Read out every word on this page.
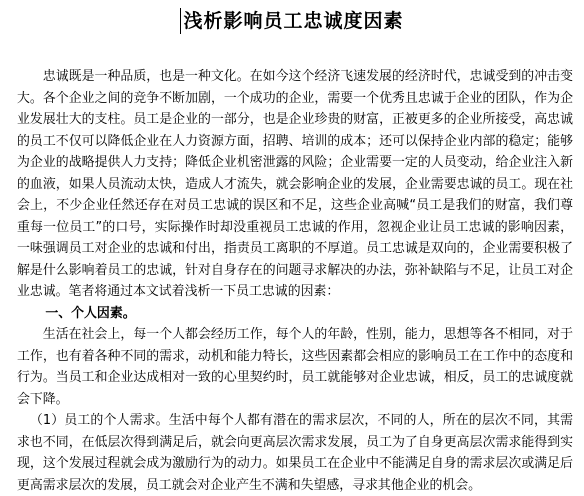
浅析影响员工忠诚度因素

忠诚既是一种品质，也是一种文化。在如今这个经济飞速发展的经济时代，忠诚受到的冲击变大。各个企业之间的竞争不断加剧，一个成功的企业，需要一个优秀且忠诚于企业的团队，作为企业发展壮大的支柱。员工是企业的一部分，也是企业珍贵的财富，正被更多的企业所接受，高忠诚的员工不仅可以降低企业在人力资源方面，招聘、培训的成本；还可以保持企业内部的稳定；能够为企业的战略提供人力支持；降低企业机密泄露的风险；企业需要一定的人员变动，给企业注入新的血液，如果人员流动太快，造成人才流失，就会影响企业的发展，企业需要忠诚的员工。现在社会上，不少企业任然还存在对员工忠诚的误区和不足，这些企业高喊“员工是我们的财富，我们尊重每一位员工”的口号，实际操作时却没重视员工忠诚的作用，忽视企业让员工忠诚的影响因素，一味强调员工对企业的忠诚和付出，指责员工离职的不厚道。员工忠诚是双向的，企业需要积极了解是什么影响着员工的忠诚，针对自身存在的问题寻求解决的办法，弥补缺陷与不足，让员工对企业忠诚。笔者将通过本文试着浅析一下员工忠诚的因素：

一、个人因素。

生活在社会上，每一个人都会经历工作，每个人的年龄，性别，能力，思想等各不相同，对于工作，也有着各种不同的需求，动机和能力特长，这些因素都会相应的影响员工在工作中的态度和行为。当员工和企业达成相对一致的心里契约时，员工就能够对企业忠诚，相反，员工的忠诚度就会下降。

（1）员工的个人需求。生活中每个人都有潜在的需求层次，不同的人，所在的层次不同，其需求也不同，在低层次得到满足后，就会向更高层次需求发展，员工为了自身更高层次需求能得到实现，这个发展过程就会成为激励行为的动力。如果员工在企业中不能满足自身的需求层次或满足后更高需求层次的发展，员工就会对企业产生不满和失望感，寻求其他企业的机会。
